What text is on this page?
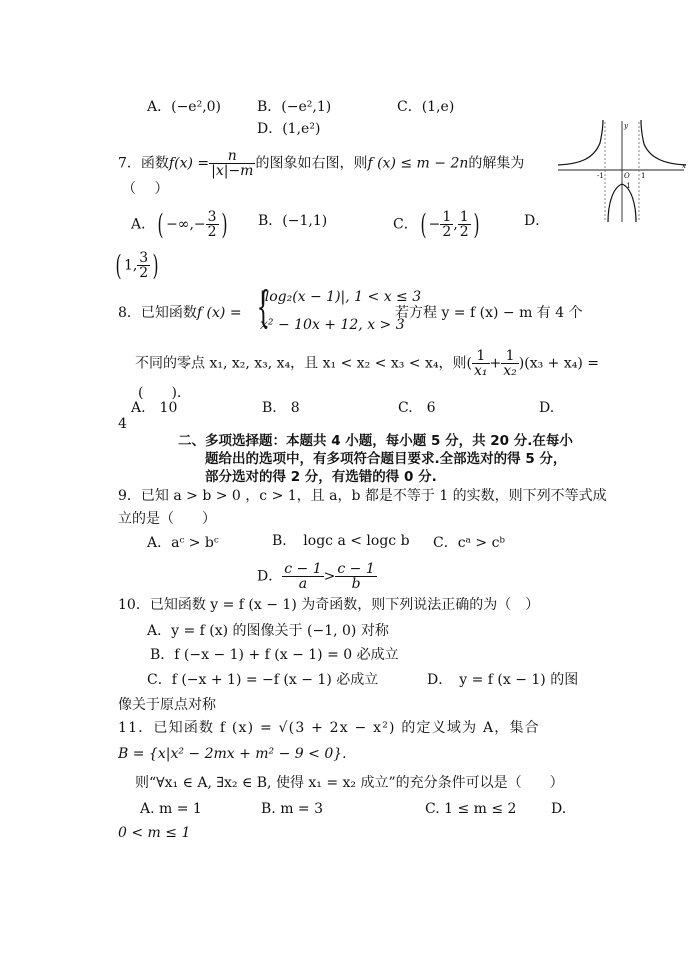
A．(−e²,0)	B．(−e²,1)	C．(1,e)
D．(1,e²)
7．函数$f(x) = \frac{n}{|x|-m}$ 的图象如右图，则f (x) ≤ m − 2n的解集为
（　 ）
A．( −∞,− $\frac{3}{2}$ ) B．(−1,1)	C．( − $\frac{1}{2}$ , $\frac{1}{2}$ )	D．
( 1, $\frac{3}{2}$ )
y
x
O
-1	1
-1
8．已知函数f (x) = {
|log₂(x − 1)|, 1 < x ≤ 3
x² − 10x + 12, x > 3
若方程 y = f (x) − m 有 4 个
不同的零点 x₁, x₂, x₃, x₄，且 x₁ < x₂ < x₃ < x₄，则( $\frac{1}{\text{x₁}} + \frac{1}{\text{x₂}} )(x_3 + x_4)$ =
(　　).
A.　10	B.　8	C.　6	D.
4
二、多项选择题：本题共 4 小题，每小题 5 分，共 20 分.在每小
题给出的选项中，有多项符合题目要求.全部选对的得 5 分，
部分选对的得 2 分，有选错的得 0 分.
9．已知 a > b > 0 ，c > 1，且 a，b 都是不等于 1 的实数，则下列不等式成
立的是（　　）
A．aᶜ > bᶜ	B．　logc a < logc b C．cᵃ > cᵇ
D． $\frac{c - 1}{a} > \frac{c - 1}{b}$
10．已知函数 y = f (x − 1) 为奇函数，则下列说法正确的为（　）
A．y = f (x) 的图像关于 (−1, 0) 对称
B．f (−x − 1) + f (x − 1) = 0 必成立
C．f (−x + 1) = −f (x − 1) 必成立	D．　y = f (x − 1) 的图
像关于原点对称
11．已知函数 f (x) = √(3 + 2x − x²) 的定义域为 A，集合
B = {x|x² − 2mx + m² − 9 < 0}.
则“∀x₁ ∈ A, ∃x₂ ∈ B, 使得 x₁ = x₂ 成立”的充分条件可以是（　　）
A. m = 1	B. m = 3	C. 1 ≤ m ≤ 2 D.
0 < m ≤ 1
